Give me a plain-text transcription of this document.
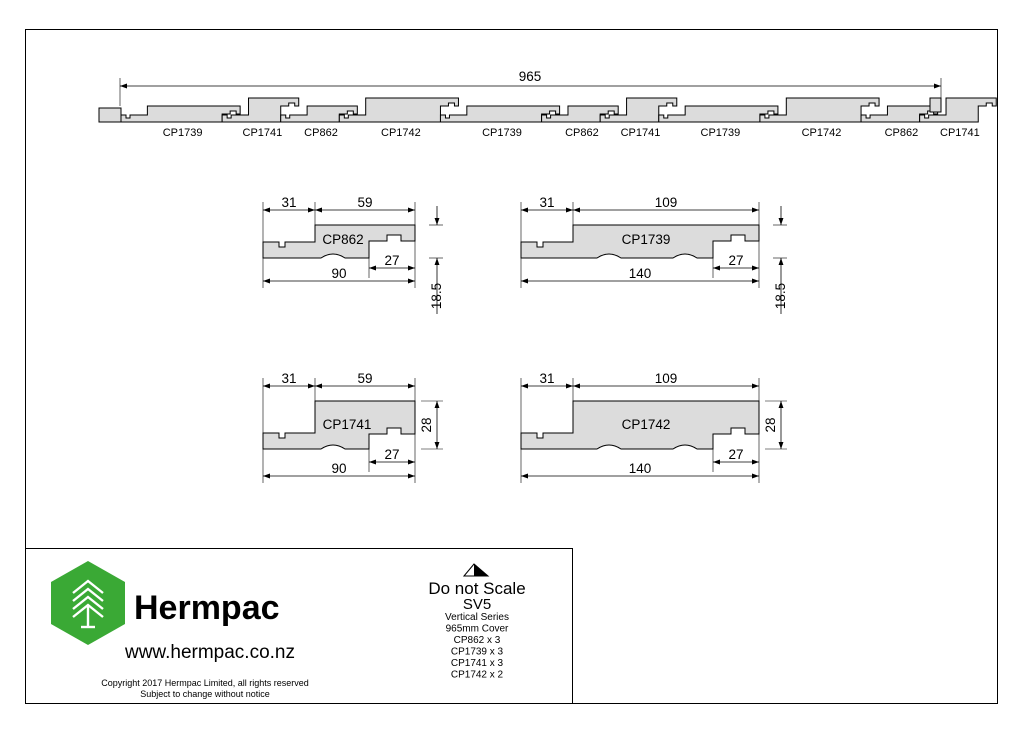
965
CP1739	CP1741 CP862	CP1742	CP1739	CP862 CP1741	CP1739	CP1742	CP862 CP1741
31	59
CP862
27
90
18.5
31	109
CP1739
27
140
18.5
31	59
CP1741
27
90
28
31	109
CP1742
27
140
28
Hermpac
www.hermpac.co.nz
Copyright 2017 Hermpac Limited, all rights reserved
Subject to change without notice
Do not Scale
SV5
Vertical Series
965mm Cover
CP862 x 3
CP1739 x 3
CP1741 x 3
CP1742 x 2
